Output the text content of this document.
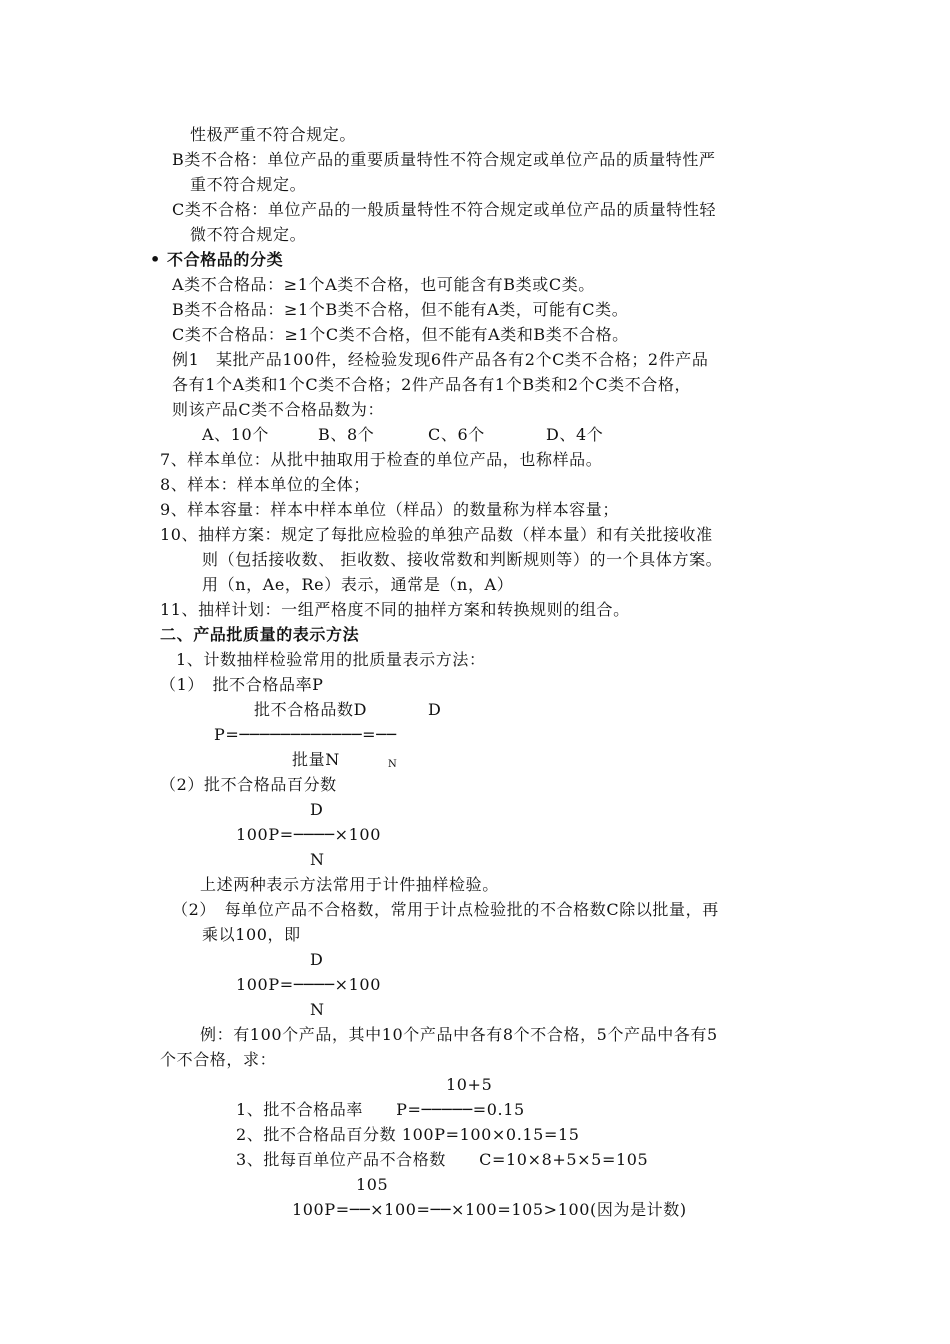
性极严重不符合规定。
B类不合格：单位产品的重要质量特性不符合规定或单位产品的质量特性严
重不符合规定。
C类不合格：单位产品的一般质量特性不符合规定或单位产品的质量特性轻
微不符合规定。
• 不合格品的分类
A类不合格品：≥1个A类不合格，也可能含有B类或C类。
B类不合格品：≥1个B类不合格，但不能有A类，可能有C类。
C类不合格品：≥1个C类不合格，但不能有A类和B类不合格。
例1　某批产品100件，经检验发现6件产品各有2个C类不合格；2件产品
各有1个A类和1个C类不合格；2件产品各有1个B类和2个C类不合格，
则该产品C类不合格品数为：
A、10个	B、8个	C、6个	D、4个
7、样本单位：从批中抽取用于检查的单位产品，也称样品。
8、样本：样本单位的全体；
9、样本容量：样本中样本单位（样品）的数量称为样本容量；
10、抽样方案：规定了每批应检验的单独产品数（样本量）和有关批接收准
则（包括接收数、 拒收数、接收常数和判断规则等）的一个具体方案。
用（n，Ae，Re）表示，通常是（n，A）
11、抽样计划：一组严格度不同的抽样方案和转换规则的组合。
二、产品批质量的表示方法
1、计数抽样检验常用的批质量表示方法：
（1）　批不合格品率P
批不合格品数D	D
P=────────────=──
批量N	N
（2）批不合格品百分数
D
100P=────×100
N
上述两种表示方法常用于计件抽样检验。
（2）　每单位产品不合格数，常用于计点检验批的不合格数C除以批量，再
乘以100，即
D
100P=────×100
N
例：有100个产品，其中10个产品中各有8个不合格，5个产品中各有5
个不合格，求：
10+5
1、批不合格品率　　P=─────=0.15
2、批不合格品百分数 100P=100×0.15=15
3、批每百单位产品不合格数　　C=10×8+5×5=105
105
100P=──×100=──×100=105>100(因为是计数)
